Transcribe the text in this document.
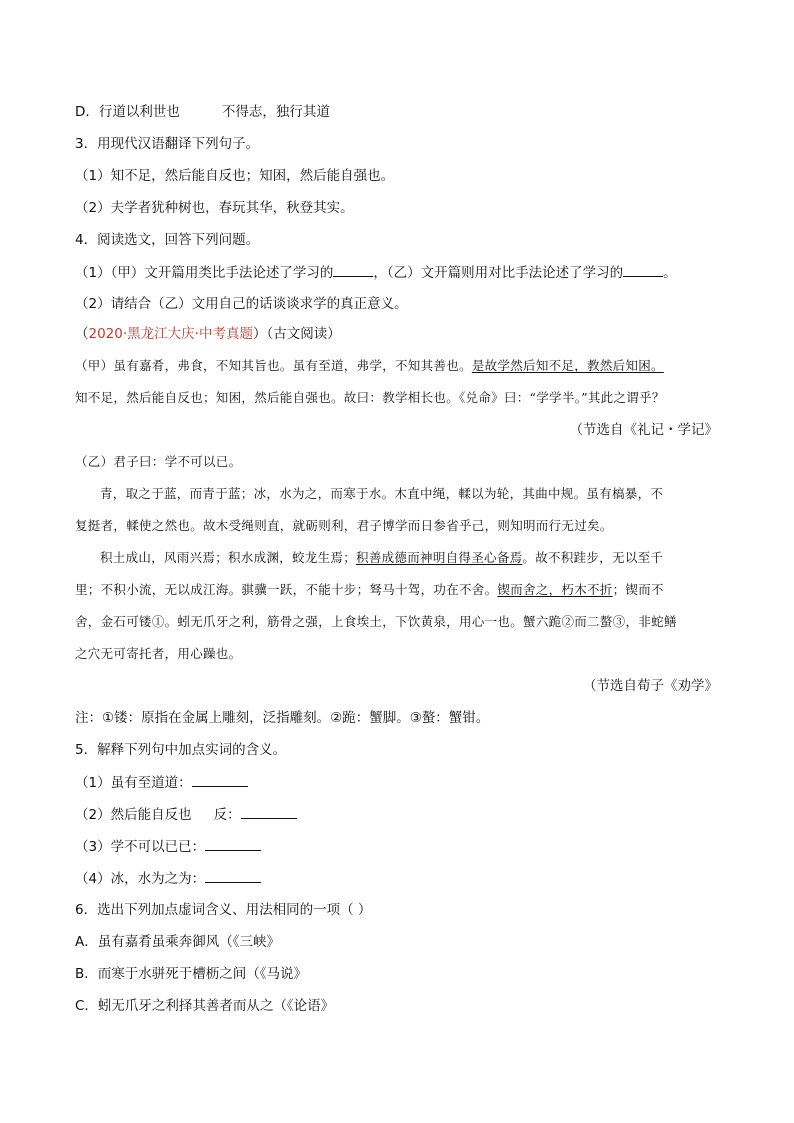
D．行道以利世也	不得志，独行其道
3．用现代汉语翻译下列句子。
（1）知不足，然后能自反也；知困，然后能自强也。
（2）夫学者犹种树也，春玩其华，秋登其实。
4．阅读选文，回答下列问题。
（1）（甲）文开篇用类比手法论述了学习的	，（乙）文开篇则用对比手法论述了学习的	。
（2）请结合（乙）文用自己的话谈谈求学的真正意义。
（2020·黑龙江大庆·中考真题）（古文阅读）
（甲）虽有嘉肴，弗食，不知其旨也。虽有至道，弗学，不知其善也。是故学然后知不足，教然后知困。
知不足，然后能自反也；知困，然后能自强也。故曰：教学相长也。《兑命》曰：“学学半。”其此之谓乎？
（节选自《礼记・学记》
（乙）君子曰：学不可以已。
青，取之于蓝，而青于蓝；冰，水为之，而寒于水。木直中绳，輮以为轮，其曲中规。虽有槁暴，不
复挺者，輮使之然也。故木受绳则直，就砺则利，君子博学而日参省乎己，则知明而行无过矣。
积土成山，风雨兴焉；积水成渊，蛟龙生焉；积善成德而神明自得圣心备焉。故不积跬步，无以至千
里；不积小流，无以成江海。骐骥一跃，不能十步；驽马十驾，功在不舍。锲而舍之，朽木不折；锲而不
舍，金石可镂①。蚓无爪牙之利，筋骨之强，上食埃土，下饮黄泉，用心一也。蟹六跪②而二螯③，非蛇鳝
之穴无可寄托者，用心躁也。
（节选自荀子《劝学》
注：①镂：原指在金属上雕刻，泛指雕刻。②跪：蟹脚。③螯：蟹钳。
5．解释下列句中加点实词的含义。
（1）虽有至道道：
（2）然后能自反也 反：
（3）学不可以已已：
（4）冰，水为之为：
6．选出下列加点虚词含义、用法相同的一项（ ）
A．虽有嘉肴虽乘奔御风（《三峡》
B．而寒于水骈死于槽枥之间（《马说》
C．蚓无爪牙之利择其善者而从之（《论语》
